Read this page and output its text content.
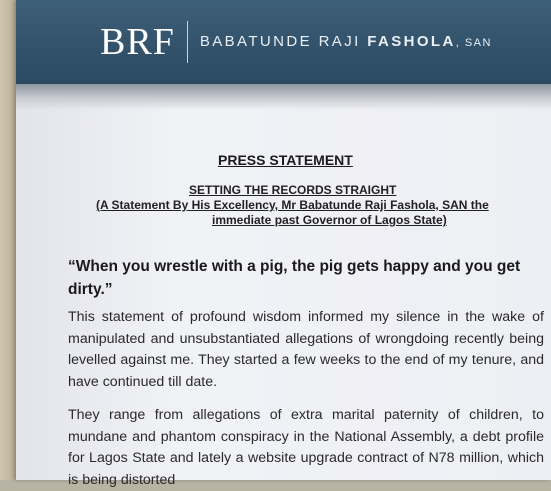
BRF BABATUNDE RAJI FASHOLA, SAN
PRESS STATEMENT
SETTING THE RECORDS STRAIGHT
(A Statement By His Excellency, Mr Babatunde Raji Fashola, SAN the
immediate past Governor of Lagos State)
“When you wrestle with a pig, the pig gets happy and you get dirty.”
This statement of profound wisdom informed my silence in the wake of manipulated and unsubstantiated allegations of wrongdoing recently being levelled against me. They started a few weeks to the end of my tenure, and have continued till date.
They range from allegations of extra marital paternity of children, to mundane and phantom conspiracy in the National Assembly, a debt profile for Lagos State and lately a website upgrade contract of N78 million, which is being distorted
